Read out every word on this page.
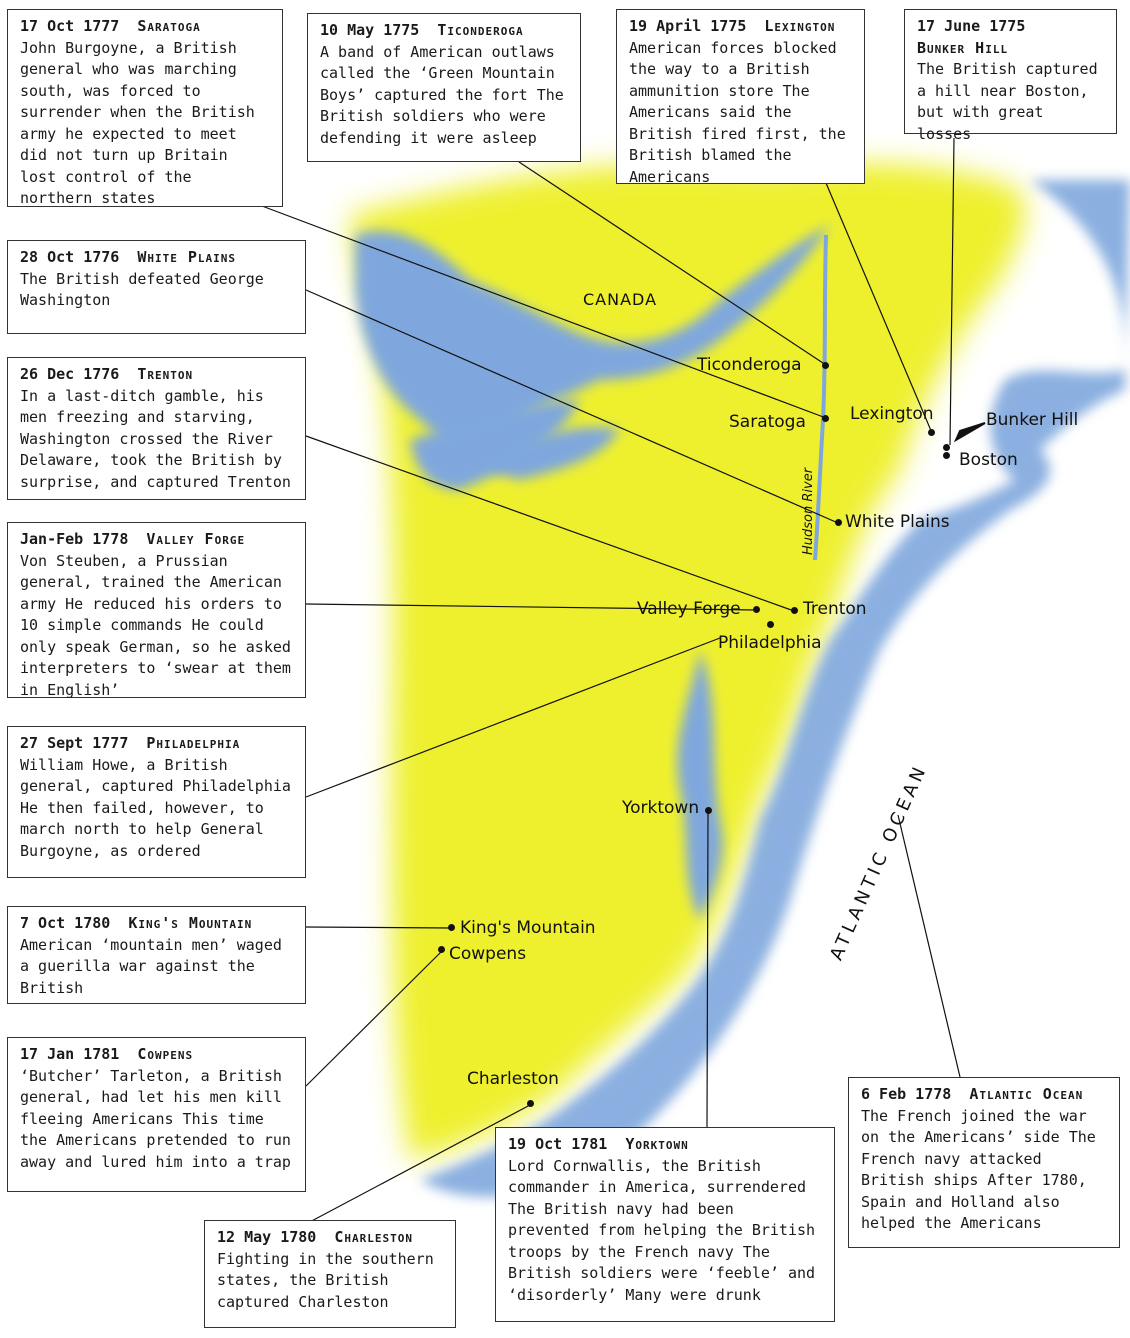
CANADA
Hudson River
ATLANTIC OCEAN
Ticonderoga
Saratoga	Lexington	Bunker Hill
Boston
White Plains
Valley Forge	Trenton
Philadelphia
Yorktown
King's Mountain
Cowpens
Charleston
17 Oct 1777 Saratoga
John Burgoyne, a British general who was marching south, was forced to surrender when the British army he expected to meet did not turn up Britain lost control of the northern states
10 May 1775 Ticonderoga
A band of American outlaws called the ‘Green Mountain Boys’ captured the fort The British soldiers who were defending it were asleep
19 April 1775 Lexington
American forces blocked the way to a British ammunition store The Americans said the British fired first, the British blamed the Americans
17 June 1775
Bunker Hill
The British captured a hill near Boston, but with great losses
28 Oct 1776 White Plains
The British defeated George Washington
26 Dec 1776 Trenton
In a last-ditch gamble, his men freezing and starving, Washington crossed the River Delaware, took the British by surprise, and captured Trenton
Jan-Feb 1778 Valley Forge
Von Steuben, a Prussian general, trained the American army He reduced his orders to 10 simple commands He could only speak German, so he asked interpreters to ‘swear at them in English’
27 Sept 1777 Philadelphia
William Howe, a British general, captured Philadelphia He then failed, however, to march north to help General Burgoyne, as ordered
7 Oct 1780 King's Mountain
American ‘mountain men’ waged a guerilla war against the British
17 Jan 1781 Cowpens
‘Butcher’ Tarleton, a British general, had let his men kill fleeing Americans This time the Americans pretended to run away and lured him into a trap
12 May 1780 Charleston
Fighting in the southern states, the British captured Charleston
19 Oct 1781 Yorktown
Lord Cornwallis, the British commander in America, surrendered The British navy had been prevented from helping the British troops by the French navy The British soldiers were ‘feeble’ and ‘disorderly’ Many were drunk
6 Feb 1778 Atlantic Ocean
The French joined the war on the Americans’ side The French navy attacked British ships After 1780, Spain and Holland also helped the Americans
